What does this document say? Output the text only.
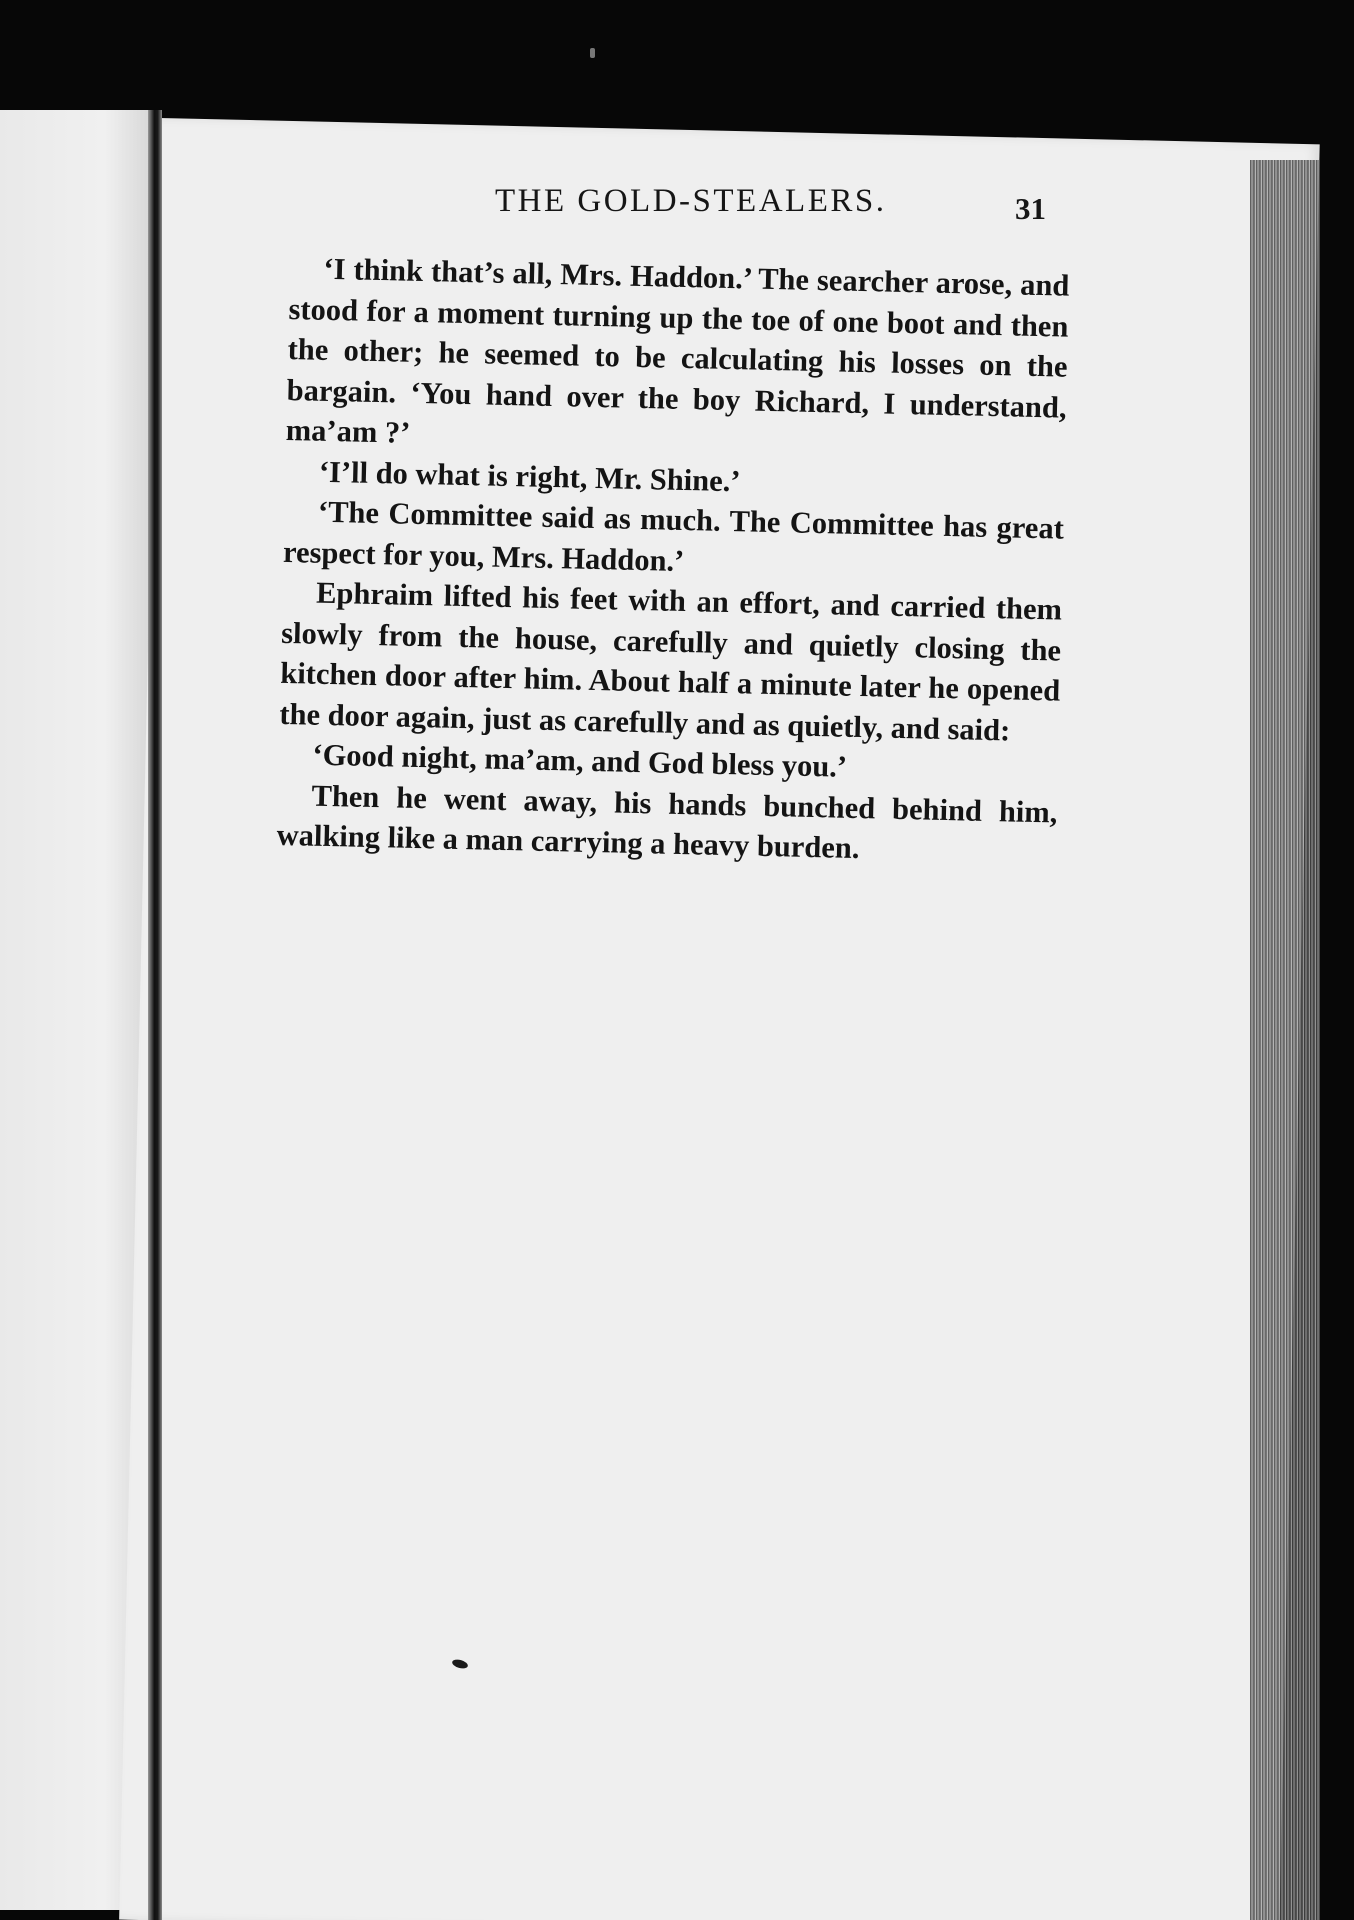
THE GOLD-STEALERS.	31

‘I think that’s all, Mrs. Haddon.’ The searcher arose, and stood for a moment turning up the toe of one boot and then the other; he seemed to be calculating his losses on the bargain. ‘You hand over the boy Richard, I understand, ma’am ?’

‘I’ll do what is right, Mr. Shine.’

‘The Committee said as much. The Committee has great respect for you, Mrs. Haddon.’

Ephraim lifted his feet with an effort, and carried them slowly from the house, carefully and quietly closing the kitchen door after him. About half a minute later he opened the door again, just as carefully and as quietly, and said:

‘Good night, ma’am, and God bless you.’

Then he went away, his hands bunched behind him, walking like a man carrying a heavy burden.
